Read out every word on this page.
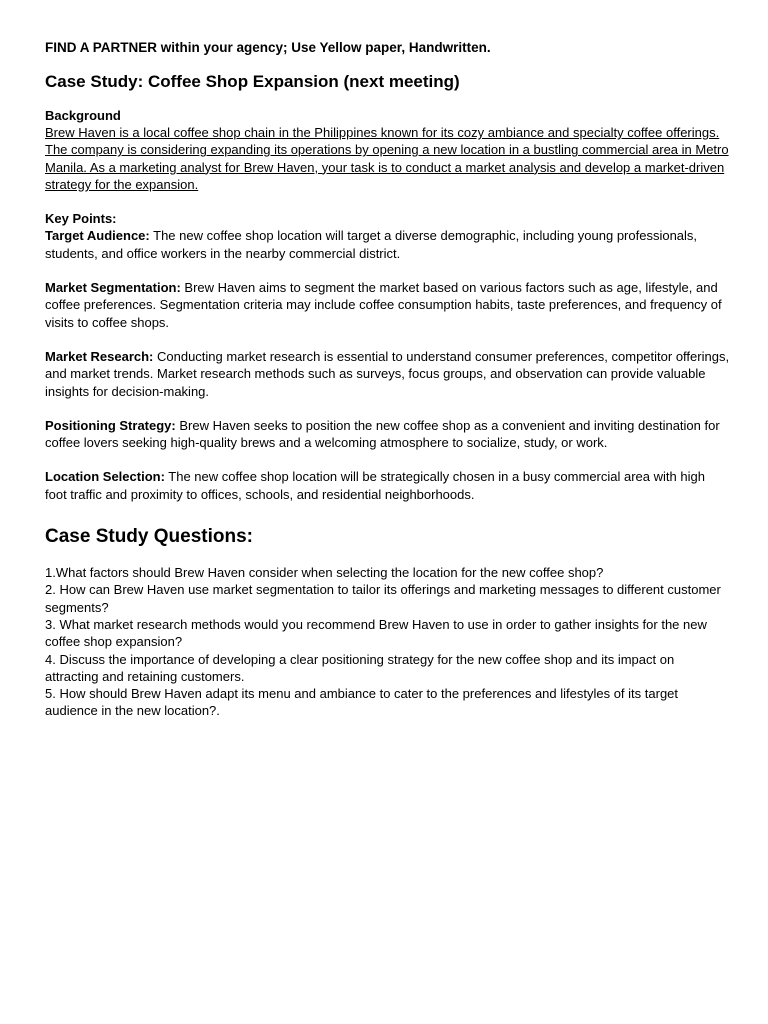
FIND A PARTNER within your agency; Use Yellow paper, Handwritten.

Case Study: Coffee Shop Expansion (next meeting)

Background

Brew Haven is a local coffee shop chain in the Philippines known for its cozy ambiance and specialty coffee offerings. The company is considering expanding its operations by opening a new location in a bustling commercial area in Metro Manila. As a marketing analyst for Brew Haven, your task is to conduct a market analysis and develop a market-driven strategy for the expansion.

Key Points:

Target Audience: The new coffee shop location will target a diverse demographic, including young professionals, students, and office workers in the nearby commercial district.

Market Segmentation: Brew Haven aims to segment the market based on various factors such as age, lifestyle, and coffee preferences. Segmentation criteria may include coffee consumption habits, taste preferences, and frequency of visits to coffee shops.

Market Research: Conducting market research is essential to understand consumer preferences, competitor offerings, and market trends. Market research methods such as surveys, focus groups, and observation can provide valuable insights for decision-making.

Positioning Strategy: Brew Haven seeks to position the new coffee shop as a convenient and inviting destination for coffee lovers seeking high-quality brews and a welcoming atmosphere to socialize, study, or work.

Location Selection: The new coffee shop location will be strategically chosen in a busy commercial area with high foot traffic and proximity to offices, schools, and residential neighborhoods.

Case Study Questions:
1.What factors should Brew Haven consider when selecting the location for the new coffee shop?
2. How can Brew Haven use market segmentation to tailor its offerings and marketing messages to different customer segments?
3. What market research methods would you recommend Brew Haven to use in order to gather insights for the new coffee shop expansion?
4. Discuss the importance of developing a clear positioning strategy for the new coffee shop and its impact on attracting and retaining customers.
5. How should Brew Haven adapt its menu and ambiance to cater to the preferences and lifestyles of its target audience in the new location?.
